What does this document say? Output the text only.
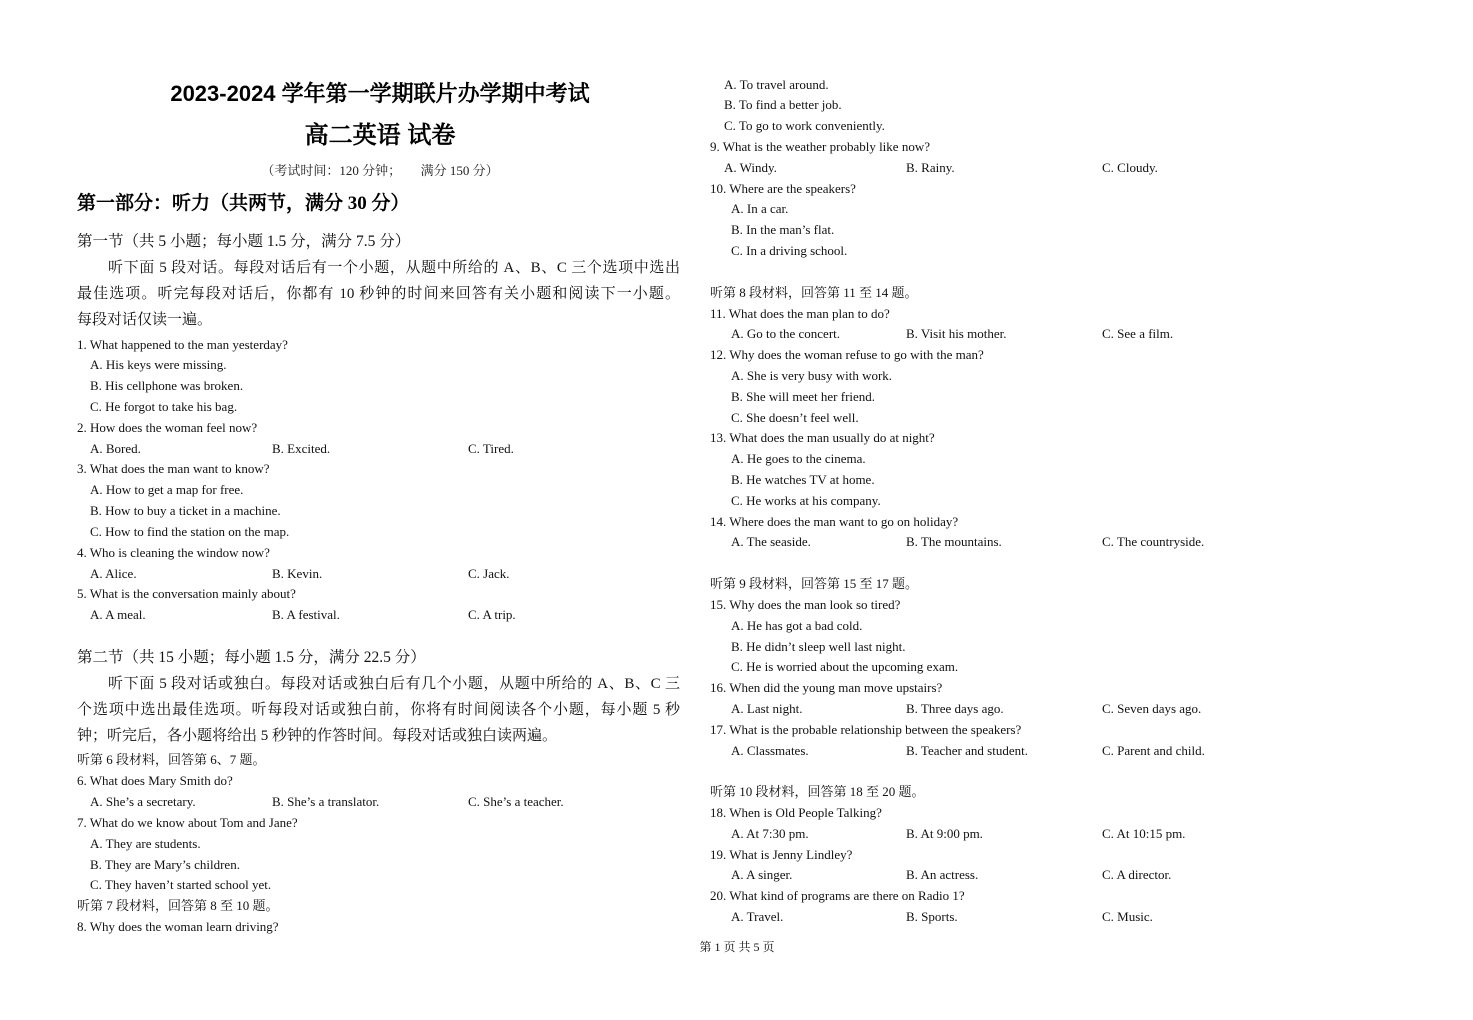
2023-2024 学年第一学期联片办学期中考试
高二英语 试卷
（考试时间：120 分钟；　　满分 150 分）
第一部分：听力（共两节，满分 30 分）
第一节（共 5 小题；每小题 1.5 分，满分 7.5 分）
听下面 5 段对话。每段对话后有一个小题，从题中所给的 A、B、C 三个选项中选出
最佳选项。听完每段对话后，你都有 10 秒钟的时间来回答有关小题和阅读下一小题。
每段对话仅读一遍。
1. What happened to the man yesterday?
A. His keys were missing.
B. His cellphone was broken.
C. He forgot to take his bag.
2. How does the woman feel now?
A. Bored.	B. Excited.	C. Tired.
3. What does the man want to know?
A. How to get a map for free.
B. How to buy a ticket in a machine.
C. How to find the station on the map.
4. Who is cleaning the window now?
A. Alice.	B. Kevin.	C. Jack.
5. What is the conversation mainly about?
A. A meal.	B. A festival.	C. A trip.
第二节（共 15 小题；每小题 1.5 分，满分 22.5 分）
听下面 5 段对话或独白。每段对话或独白后有几个小题，从题中所给的 A、B、C 三
个选项中选出最佳选项。听每段对话或独白前，你将有时间阅读各个小题，每小题 5 秒
钟；听完后，各小题将给出 5 秒钟的作答时间。每段对话或独白读两遍。
听第 6 段材料，回答第 6、7 题。
6. What does Mary Smith do?
A. She’s a secretary.	B. She’s a translator.	C. She’s a teacher.
7. What do we know about Tom and Jane?
A. They are students.
B. They are Mary’s children.
C. They haven’t started school yet.
听第 7 段材料，回答第 8 至 10 题。
8. Why does the woman learn driving?
A. To travel around.
B. To find a better job.
C. To go to work conveniently.
9. What is the weather probably like now?
A. Windy.	B. Rainy.	C. Cloudy.
10. Where are the speakers?
A. In a car.
B. In the man’s flat.
C. In a driving school.
听第 8 段材料，回答第 11 至 14 题。
11. What does the man plan to do?
A. Go to the concert.	B. Visit his mother.	C. See a film.
12. Why does the woman refuse to go with the man?
A. She is very busy with work.
B. She will meet her friend.
C. She doesn’t feel well.
13. What does the man usually do at night?
A. He goes to the cinema.
B. He watches TV at home.
C. He works at his company.
14. Where does the man want to go on holiday?
A. The seaside.	B. The mountains.	C. The countryside.
听第 9 段材料，回答第 15 至 17 题。
15. Why does the man look so tired?
A. He has got a bad cold.
B. He didn’t sleep well last night.
C. He is worried about the upcoming exam.
16. When did the young man move upstairs?
A. Last night.	B. Three days ago.	C. Seven days ago.
17. What is the probable relationship between the speakers?
A. Classmates.	B. Teacher and student.	C. Parent and child.
听第 10 段材料，回答第 18 至 20 题。
18. When is Old People Talking?
A. At 7:30 pm.	B. At 9:00 pm.	C. At 10:15 pm.
19. What is Jenny Lindley?
A. A singer.	B. An actress.	C. A director.
20. What kind of programs are there on Radio 1?
A. Travel.	B. Sports.	C. Music.
第 1 页 共 5 页
